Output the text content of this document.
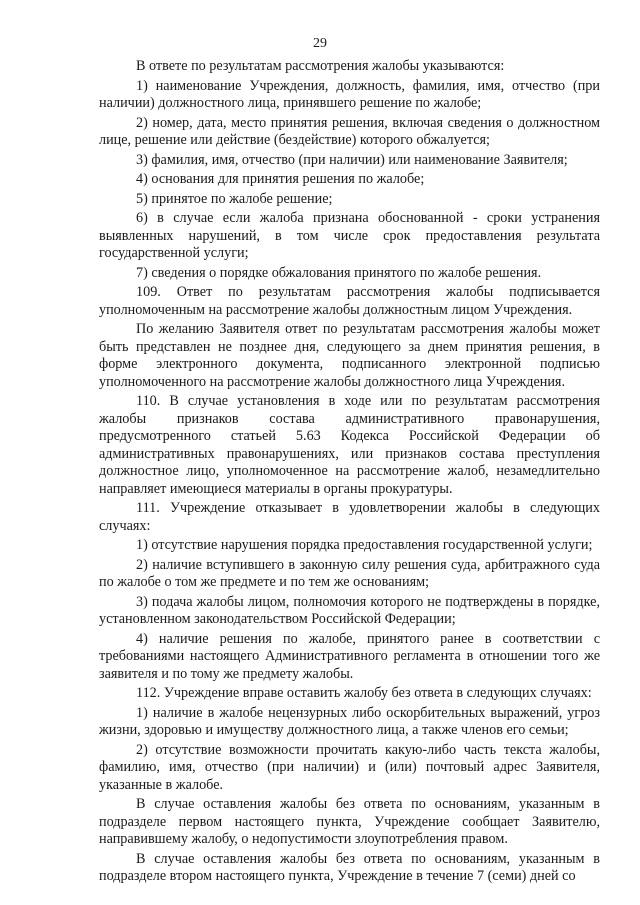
29

В ответе по результатам рассмотрения жалобы указываются:

1) наименование Учреждения, должность, фамилия, имя, отчество (при наличии) должностного лица, принявшего решение по жалобе;

2) номер, дата, место принятия решения, включая сведения о должностном лице, решение или действие (бездействие) которого обжалуется;

3) фамилия, имя, отчество (при наличии) или наименование Заявителя;

4) основания для принятия решения по жалобе;

5) принятое по жалобе решение;

6) в случае если жалоба признана обоснованной - сроки устранения выявленных нарушений, в том числе срок предоставления результата государственной услуги;

7) сведения о порядке обжалования принятого по жалобе решения.

109. Ответ по результатам рассмотрения жалобы подписывается уполномоченным на рассмотрение жалобы должностным лицом Учреждения.

По желанию Заявителя ответ по результатам рассмотрения жалобы может быть представлен не позднее дня, следующего за днем принятия решения, в форме электронного документа, подписанного электронной подписью уполномоченного на рассмотрение жалобы должностного лица Учреждения.

110. В случае установления в ходе или по результатам рассмотрения жалобы признаков состава административного правонарушения, предусмотренного статьей 5.63 Кодекса Российской Федерации об административных правонарушениях, или признаков состава преступления должностное лицо, уполномоченное на рассмотрение жалоб, незамедлительно направляет имеющиеся материалы в органы прокуратуры.

111. Учреждение отказывает в удовлетворении жалобы в следующих случаях:

1) отсутствие нарушения порядка предоставления государственной услуги;

2) наличие вступившего в законную силу решения суда, арбитражного суда по жалобе о том же предмете и по тем же основаниям;

3) подача жалобы лицом, полномочия которого не подтверждены в порядке, установленном законодательством Российской Федерации;

4) наличие решения по жалобе, принятого ранее в соответствии с требованиями настоящего Административного регламента в отношении того же заявителя и по тому же предмету жалобы.

112. Учреждение вправе оставить жалобу без ответа в следующих случаях:

1) наличие в жалобе нецензурных либо оскорбительных выражений, угроз жизни, здоровью и имуществу должностного лица, а также членов его семьи;

2) отсутствие возможности прочитать какую-либо часть текста жалобы, фамилию, имя, отчество (при наличии) и (или) почтовый адрес Заявителя, указанные в жалобе.

В случае оставления жалобы без ответа по основаниям, указанным в подразделе первом настоящего пункта, Учреждение сообщает Заявителю, направившему жалобу, о недопустимости злоупотребления правом.

В случае оставления жалобы без ответа по основаниям, указанным в подразделе втором настоящего пункта, Учреждение в течение 7 (семи) дней со
